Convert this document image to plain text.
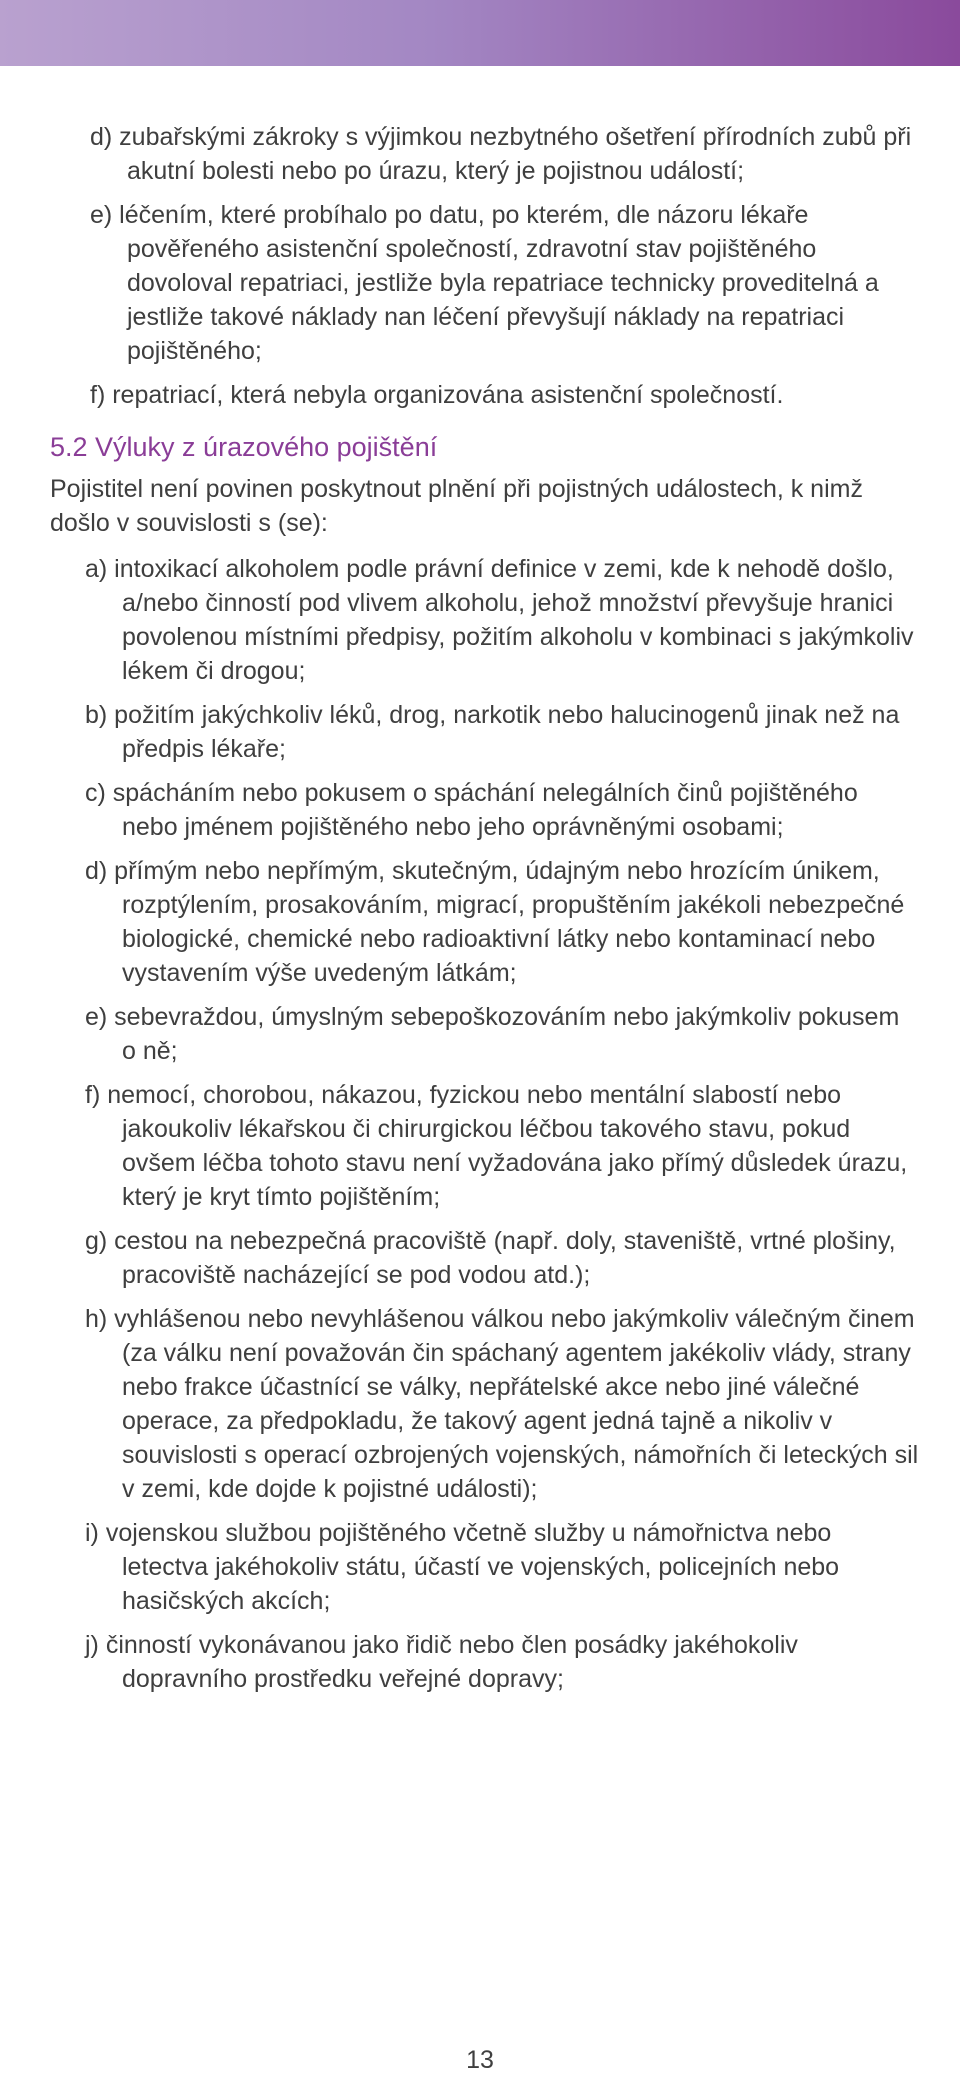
d) zubařskými zákroky s výjimkou nezbytného ošetření přírodních zubů při akutní bolesti nebo po úrazu, který je pojistnou událostí;
e) léčením, které probíhalo po datu, po kterém, dle názoru lékaře pověřeného asistenční společností, zdravotní stav pojištěného dovoloval repatriaci, jestliže byla repatriace technicky proveditelná a jestliže takové náklady nan léčení převyšují náklady na repatriaci pojištěného;
f) repatriací, která nebyla organizována asistenční společností.
5.2 Výluky z úrazového pojištění

Pojistitel není povinen poskytnout plnění při pojistných událostech, k nimž došlo v souvislosti s (se):

a) intoxikací alkoholem podle právní definice v zemi, kde k nehodě došlo, a/nebo činností pod vlivem alkoholu, jehož množství převyšuje hranici povolenou místními předpisy, požitím alkoholu v kombinaci s jakýmkoliv lékem či drogou;
b) požitím jakýchkoliv léků, drog, narkotik nebo halucinogenů jinak než na předpis lékaře;
c) spácháním nebo pokusem o spáchání nelegálních činů pojištěného nebo jménem pojištěného nebo jeho oprávněnými osobami;
d) přímým nebo nepřímým, skutečným, údajným nebo hrozícím únikem, rozptýlením, prosakováním, migrací, propuštěním jakékoli nebezpečné biologické, chemické nebo radioaktivní látky nebo kontaminací nebo vystavením výše uvedeným látkám;
e) sebevraždou, úmyslným sebepoškozováním nebo jakýmkoliv pokusem o ně;
f) nemocí, chorobou, nákazou, fyzickou nebo mentální slabostí nebo jakoukoliv lékařskou či chirurgickou léčbou takového stavu, pokud ovšem léčba tohoto stavu není vyžadována jako přímý důsledek úrazu, který je kryt tímto pojištěním;
g) cestou na nebezpečná pracoviště (např. doly, staveniště, vrtné plošiny, pracoviště nacházející se pod vodou atd.);
h) vyhlášenou nebo nevyhlášenou válkou nebo jakýmkoliv válečným činem (za válku není považován čin spáchaný agentem jakékoliv vlády, strany nebo frakce účastnící se války, nepřátelské akce nebo jiné válečné operace, za předpokladu, že takový agent jedná tajně a nikoliv v souvislosti s operací ozbrojených vojenských, námořních či leteckých sil v zemi, kde dojde k pojistné události);
i) vojenskou službou pojištěného včetně služby u námořnictva nebo letectva jakéhokoliv státu, účastí ve vojenských, policejních nebo hasičských akcích;
j) činností vykonávanou jako řidič nebo člen posádky jakéhokoliv dopravního prostředku veřejné dopravy;
13
